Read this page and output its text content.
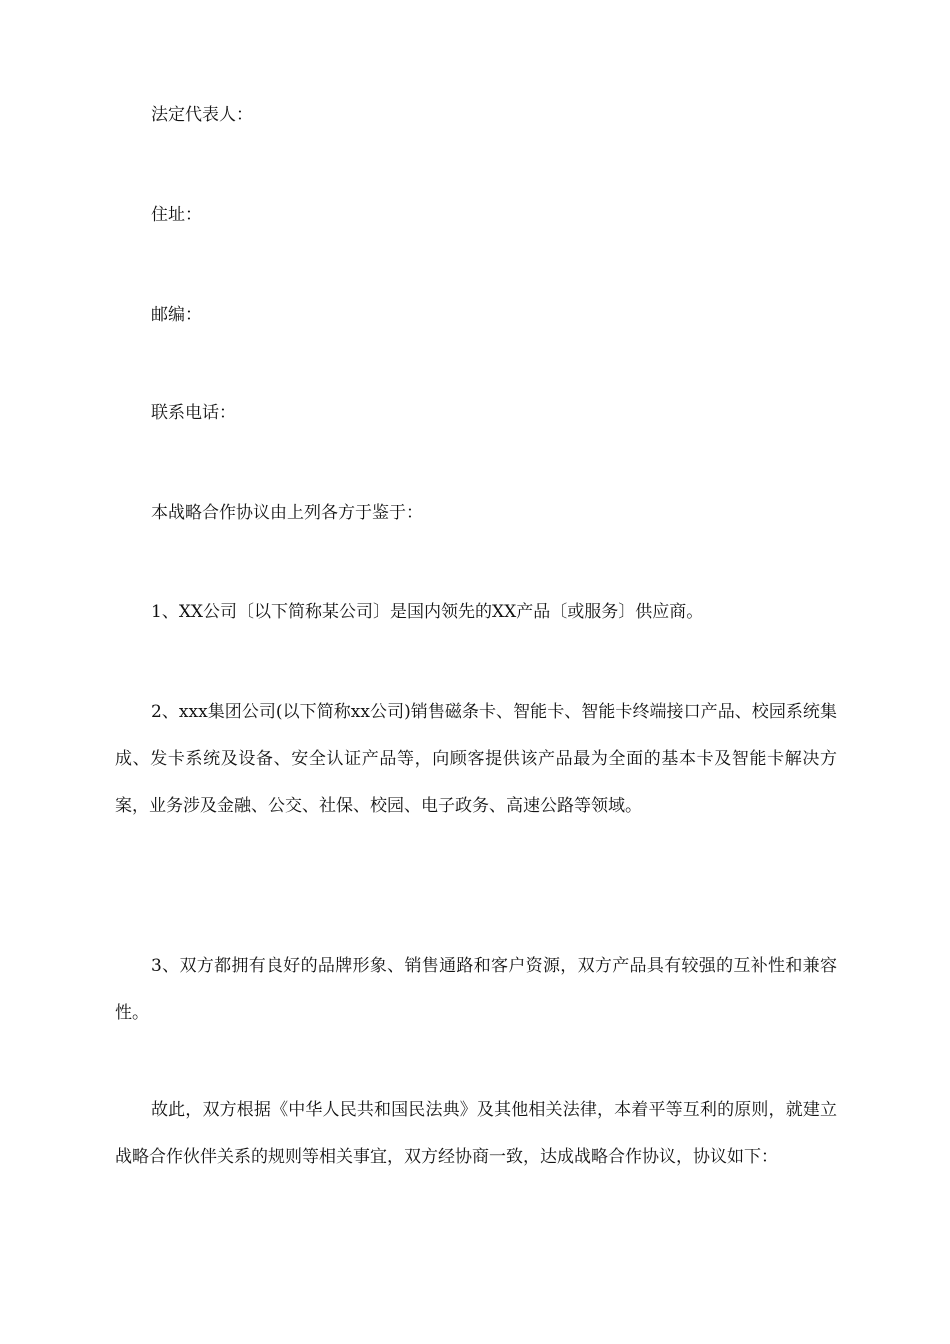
法定代表人：
住址：
邮编：
联系电话：
本战略合作协议由上列各方于鉴于：
1、XX公司〔以下简称某公司〕是国内领先的XX产品〔或服务〕供应商。
2、xxx集团公司(以下简称xx公司)销售磁条卡、智能卡、智能卡终端接口产品、校园系统集成、发卡系统及设备、安全认证产品等，向顾客提供该产品最为全面的基本卡及智能卡解决方案，业务涉及金融、公交、社保、校园、电子政务、高速公路等领域。
3、双方都拥有良好的品牌形象、销售通路和客户资源，双方产品具有较强的互补性和兼容性。
故此，双方根据《中华人民共和国民法典》及其他相关法律，本着平等互利的原则，就建立战略合作伙伴关系的规则等相关事宜，双方经协商一致，达成战略合作协议，协议如下：
